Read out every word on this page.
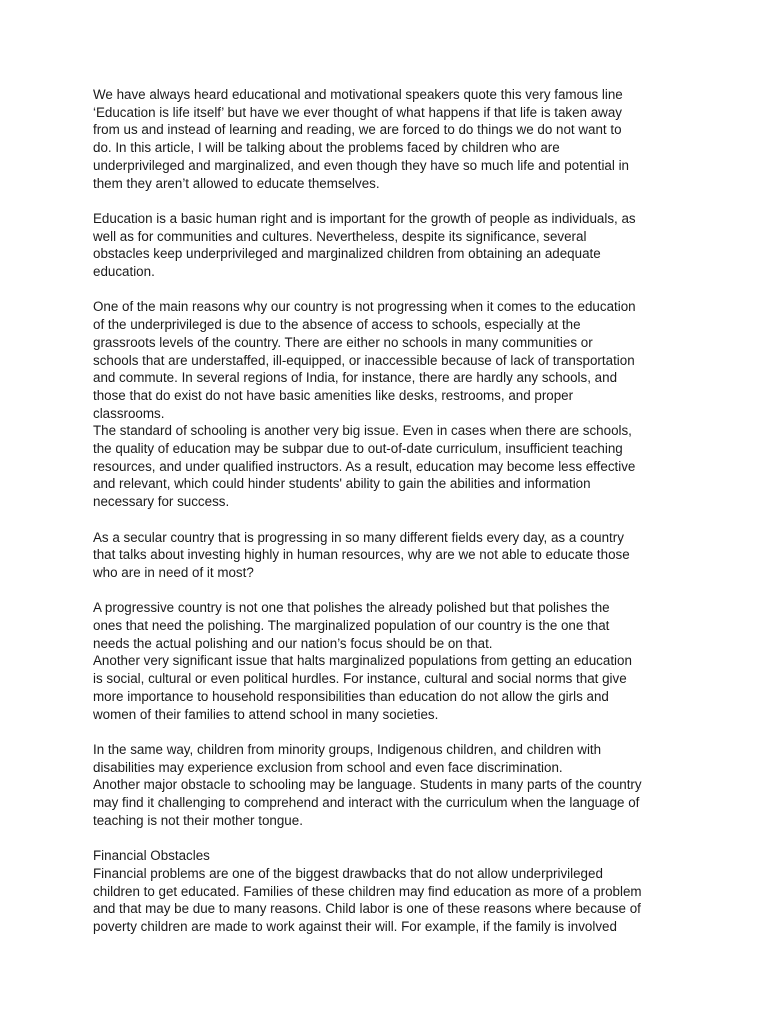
We have always heard educational and motivational speakers quote this very famous line
‘Education is life itself’ but have we ever thought of what happens if that life is taken away
from us and instead of learning and reading, we are forced to do things we do not want to
do. In this article, I will be talking about the problems faced by children who are
underprivileged and marginalized, and even though they have so much life and potential in
them they aren’t allowed to educate themselves.

Education is a basic human right and is important for the growth of people as individuals, as
well as for communities and cultures. Nevertheless, despite its significance, several
obstacles keep underprivileged and marginalized children from obtaining an adequate
education.

One of the main reasons why our country is not progressing when it comes to the education
of the underprivileged is due to the absence of access to schools, especially at the
grassroots levels of the country. There are either no schools in many communities or
schools that are understaffed, ill-equipped, or inaccessible because of lack of transportation
and commute. In several regions of India, for instance, there are hardly any schools, and
those that do exist do not have basic amenities like desks, restrooms, and proper
classrooms.

The standard of schooling is another very big issue. Even in cases when there are schools,
the quality of education may be subpar due to out-of-date curriculum, insufficient teaching
resources, and under qualified instructors. As a result, education may become less effective
and relevant, which could hinder students' ability to gain the abilities and information
necessary for success.

As a secular country that is progressing in so many different fields every day, as a country
that talks about investing highly in human resources, why are we not able to educate those
who are in need of it most?

A progressive country is not one that polishes the already polished but that polishes the
ones that need the polishing. The marginalized population of our country is the one that
needs the actual polishing and our nation’s focus should be on that.

Another very significant issue that halts marginalized populations from getting an education
is social, cultural or even political hurdles. For instance, cultural and social norms that give
more importance to household responsibilities than education do not allow the girls and
women of their families to attend school in many societies.

In the same way, children from minority groups, Indigenous children, and children with
disabilities may experience exclusion from school and even face discrimination.

Another major obstacle to schooling may be language. Students in many parts of the country
may find it challenging to comprehend and interact with the curriculum when the language of
teaching is not their mother tongue.

Financial Obstacles

Financial problems are one of the biggest drawbacks that do not allow underprivileged
children to get educated. Families of these children may find education as more of a problem
and that may be due to many reasons. Child labor is one of these reasons where because of
poverty children are made to work against their will. For example, if the family is involved
